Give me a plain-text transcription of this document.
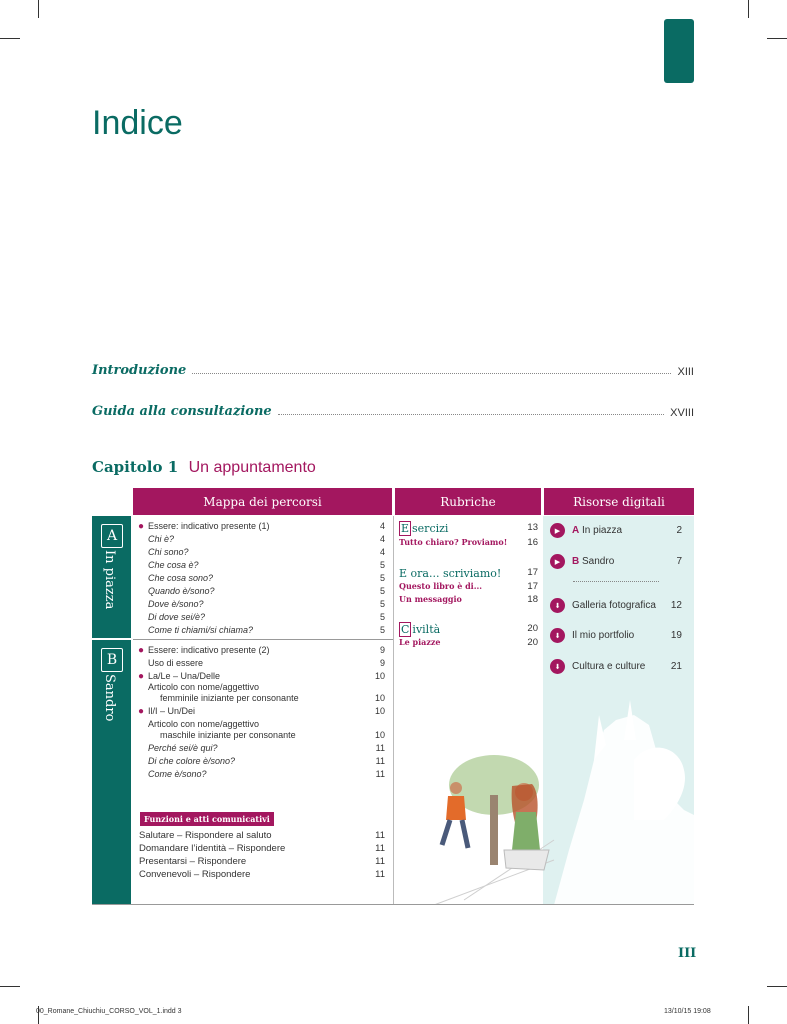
Indice
Introduzione	XIII
Guida alla consultazione	XVIII
Capitolo 1 Un appuntamento
Mappa dei percorsi	Rubriche	Risorse digitali
A
In piazza
B
Sandro
● Essere: indicativo presente (1)	4
Chi è?	4
Chi sono?	4
Che cosa è?	5
Che cosa sono?	5
Quando è/sono?	5
Dove è/sono?	5
Di dove sei/è?	5
Come ti chiami/si chiama?	5
● Essere: indicativo presente (2)	9
Uso di essere	9
● La/Le – Una/Delle	10
Articolo con nome/aggettivo
femminile iniziante per consonante	10
● Il/I – Un/Dei	10
Articolo con nome/aggettivo
maschile iniziante per consonante	10
Perché sei/è qui?	11
Di che colore è/sono?	11
Come è/sono?	11
Funzioni e atti comunicativi
Salutare – Rispondere al saluto	11
Domandare l’identità – Rispondere	11
Presentarsi – Rispondere	11
Convenevoli – Rispondere	11
E sercizi	13
Tutto chiaro? Proviamo! 16
E ora... scriviamo!	17
Questo libro è di...	17
Un messaggio	18
C iviltà	20
Le piazze	20
▶	A In piazza	2
▶	B Sandro	7
⬇	Galleria fotografica 12
⬇	Il mio portfolio	19
⬇	Cultura e culture	21
III
00_Romane_Chiuchiu_CORSO_VOL_1.indd 3	13/10/15 19:08
